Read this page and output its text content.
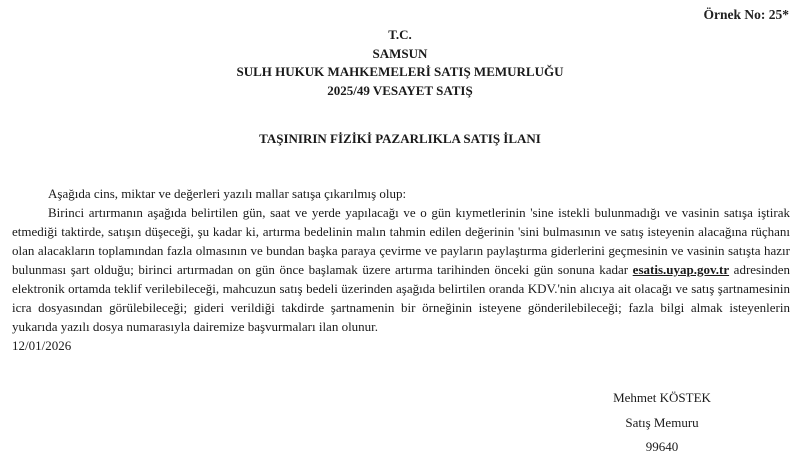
Örnek No: 25*
T.C.
SAMSUN
SULH HUKUK MAHKEMELERİ SATIŞ MEMURLUĞU
2025/49 VESAYET SATIŞ
TAŞINIRIN FİZİKİ PAZARLIKLA SATIŞ İLANI

Aşağıda cins, miktar ve değerleri yazılı mallar satışa çıkarılmış olup:

Birinci artırmanın aşağıda belirtilen gün, saat ve yerde yapılacağı ve o gün kıymetlerinin 'sine istekli bulunmadığı ve vasinin satışa iştirak etmediği taktirde, satışın düşeceği, şu kadar ki, artırma bedelinin malın tahmin edilen değerinin 'sini bulmasının ve satış isteyenin alacağına rüçhanı olan alacakların toplamından fazla olmasının ve bundan başka paraya çevirme ve payların paylaştırma giderlerini geçmesinin ve vasinin satışta hazır bulunması şart olduğu; birinci artırmadan on gün önce başlamak üzere artırma tarihinden önceki gün sonuna kadar esatis.uyap.gov.tr adresinden elektronik ortamda teklif verilebileceği, mahcuzun satış bedeli üzerinden aşağıda belirtilen oranda KDV.'nin alıcıya ait olacağı ve satış şartnamesinin icra dosyasından görülebileceği; gideri verildiği takdirde şartnamenin bir örneğinin isteyene gönderilebileceği; fazla bilgi almak isteyenlerin yukarıda yazılı dosya numarasıyla dairemize başvurmaları ilan olunur.

12/01/2026

Mehmet KÖSTEK
Satış Memuru
99640
